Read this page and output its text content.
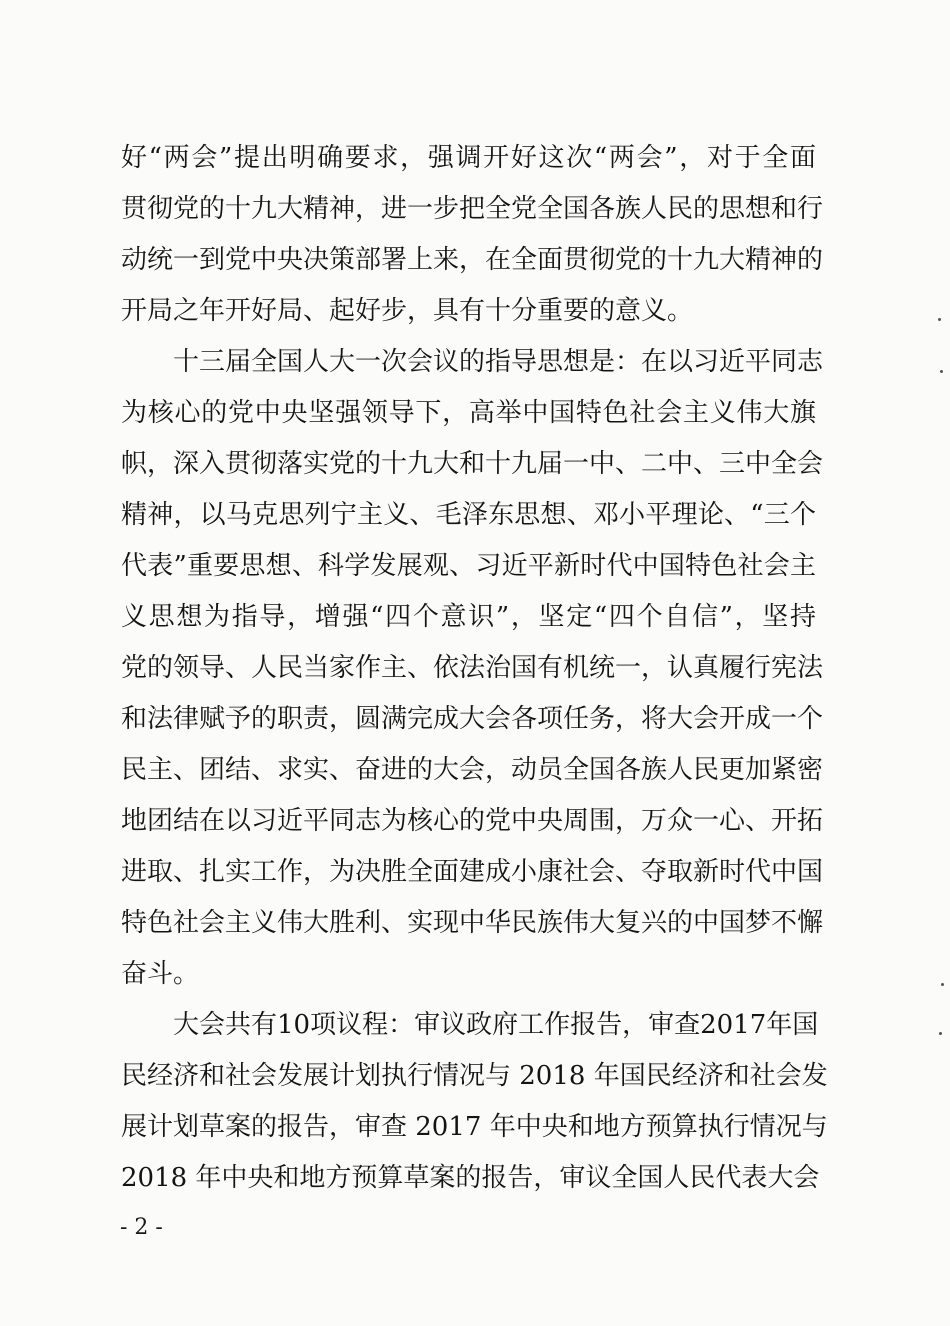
好“两会”提出明确要求，强调开好这次“两会”，对于全面
贯彻党的十九大精神，进一步把全党全国各族人民的思想和行
动统一到党中央决策部署上来，在全面贯彻党的十九大精神的
开局之年开好局、起好步，具有十分重要的意义。
十三届全国人大一次会议的指导思想是：在以习近平同志
为核心的党中央坚强领导下，高举中国特色社会主义伟大旗
帜，深入贯彻落实党的十九大和十九届一中、二中、三中全会
精神，以马克思列宁主义、毛泽东思想、邓小平理论、“三个
代表”重要思想、科学发展观、习近平新时代中国特色社会主
义思想为指导，增强“四个意识”，坚定“四个自信”，坚持
党的领导、人民当家作主、依法治国有机统一，认真履行宪法
和法律赋予的职责，圆满完成大会各项任务，将大会开成一个
民主、团结、求实、奋进的大会，动员全国各族人民更加紧密
地团结在以习近平同志为核心的党中央周围，万众一心、开拓
进取、扎实工作，为决胜全面建成小康社会、夺取新时代中国
特色社会主义伟大胜利、实现中华民族伟大复兴的中国梦不懈
奋斗。
大会共有10项议程：审议政府工作报告，审查2017年国
民经济和社会发展计划执行情况与 2018 年国民经济和社会发
展计划草案的报告，审查 2017 年中央和地方预算执行情况与
2018 年中央和地方预算草案的报告，审议全国人民代表大会
- 2 -
